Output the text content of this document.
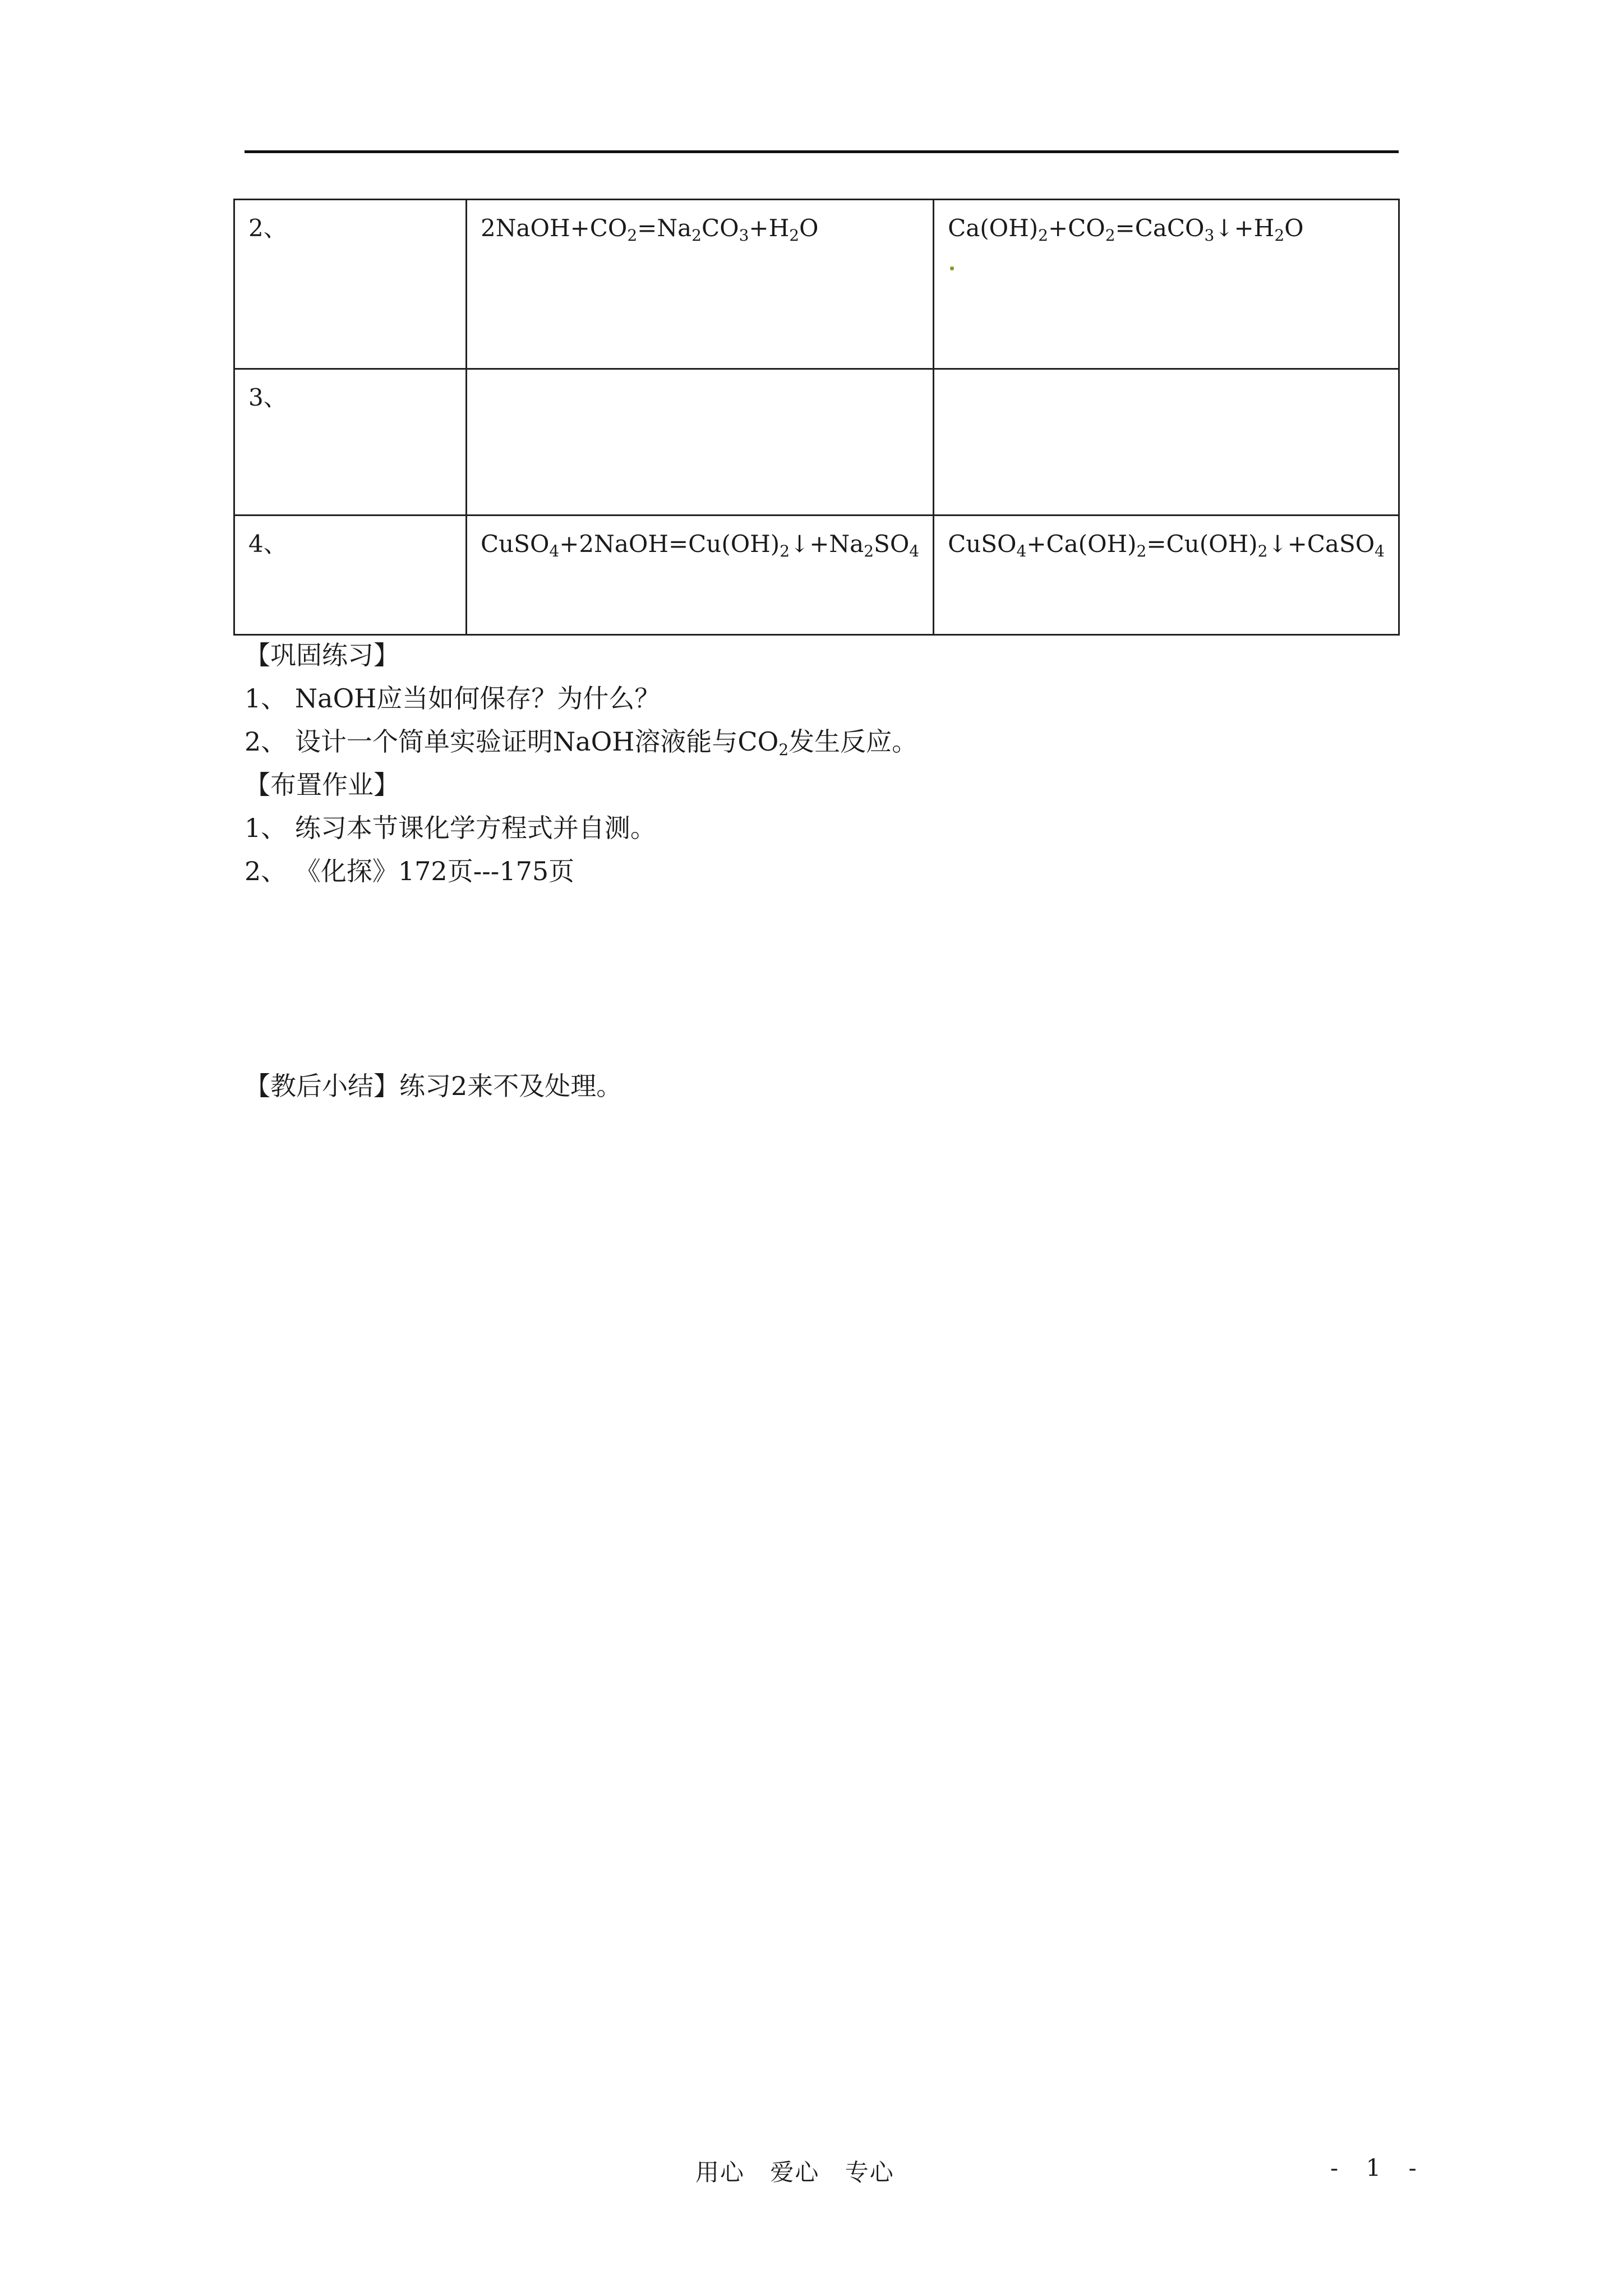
2、	$2NaOH+CO_2=Na_2CO_3+H_2O$	$Ca(OH)_2+CO_2=CaCO_3↓+H_2O$

3、		
4、	$CuSO_4+2NaOH=Cu(OH)_2↓+Na_2SO_4$	$CuSO_4+Ca(OH)_2=Cu(OH)_2↓+CaSO_4$
【巩固练习】
1、 NaOH应当如何保存？为什么？
2、 设计一个简单实验证明NaOH溶液能与$CO_2$发生反应。
【布置作业】
1、 练习本节课化学方程式并自测。
2、 《化探》172页---175页
【教后小结】练习2来不及处理。
用心 爱心 专心	- 1 -
